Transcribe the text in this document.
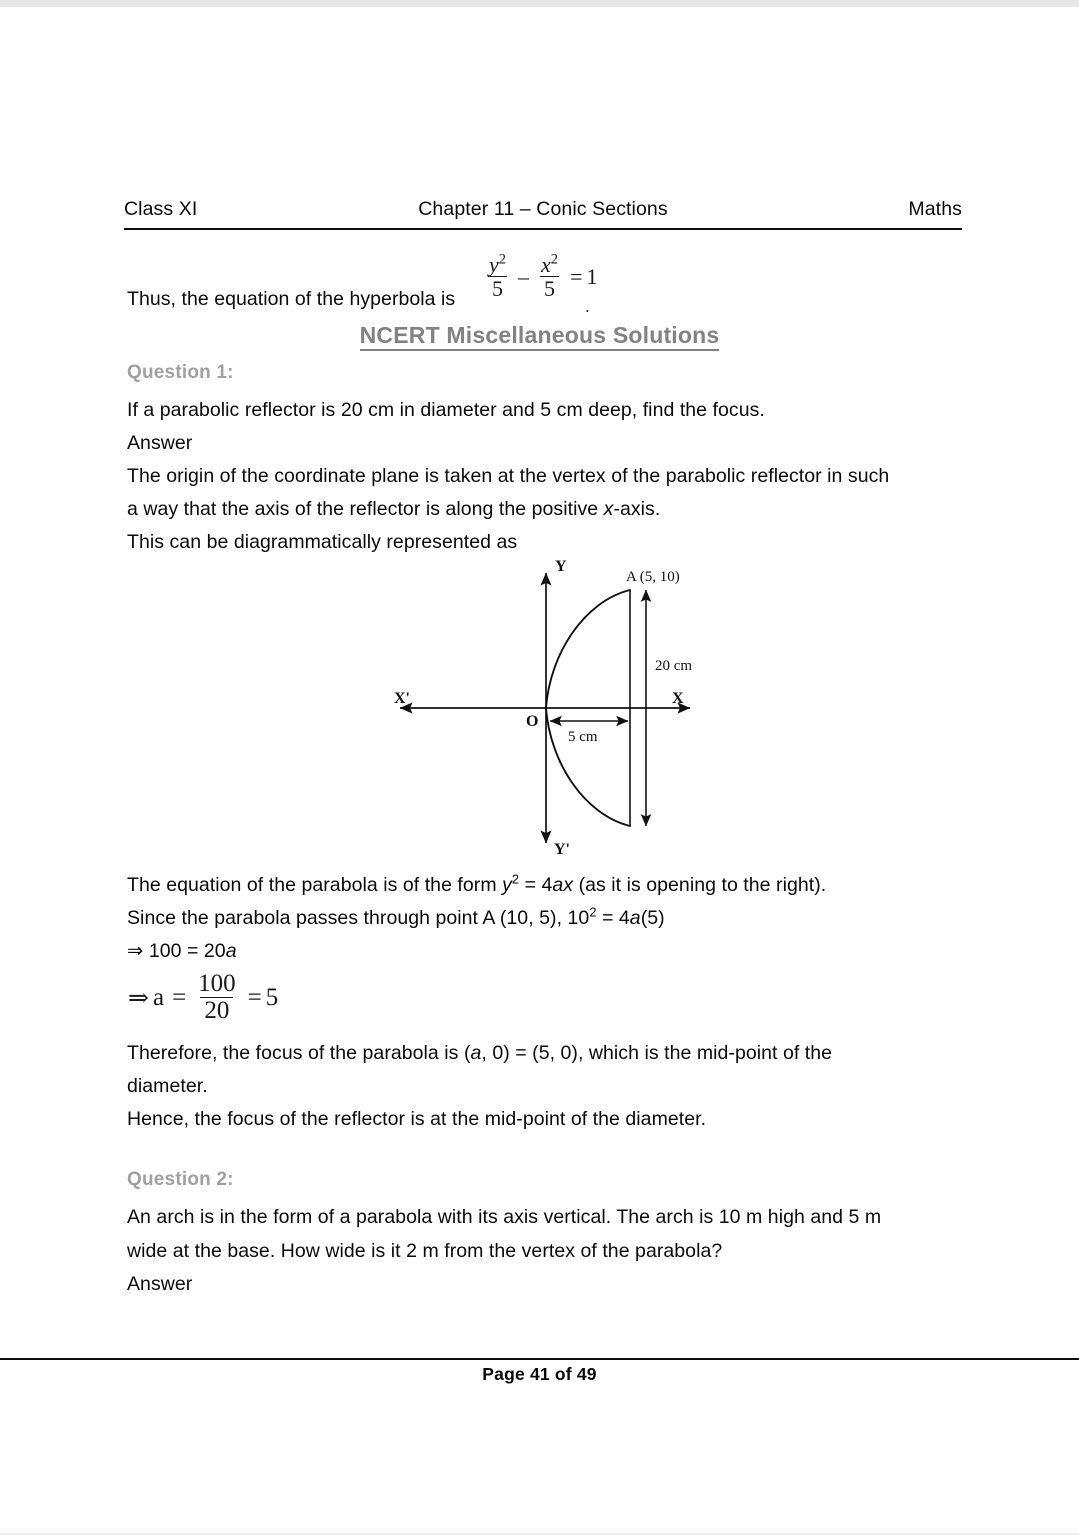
Class XI	Chapter 11 – Conic Sections	Maths
Thus, the equation of the hyperbola is $\frac{y^2}{5} - \frac{x^2}{5} = 1$
.
NCERT Miscellaneous Solutions
Question 1:
If a parabolic reflector is 20 cm in diameter and 5 cm deep, find the focus.
Answer
The origin of the coordinate plane is taken at the vertex of the parabolic reflector in such
a way that the axis of the reflector is along the positive x-axis.
This can be diagrammatically represented as
Y
Y'
X
X'
O
A (5, 10)
20 cm
5 cm
The equation of the parabola is of the form $y^2 = 4ax$ (as it is opening to the right).
Since the parabola passes through point A (10, 5), $10^2 = 4a(5)$
⇒ 100 = 20a
⇒ $a = \frac{100}{20} = 5$
Therefore, the focus of the parabola is (a, 0) = (5, 0), which is the mid-point of the
diameter.
Hence, the focus of the reflector is at the mid-point of the diameter.
Question 2:
An arch is in the form of a parabola with its axis vertical. The arch is 10 m high and 5 m
wide at the base. How wide is it 2 m from the vertex of the parabola?
Answer
Page 41 of 49
